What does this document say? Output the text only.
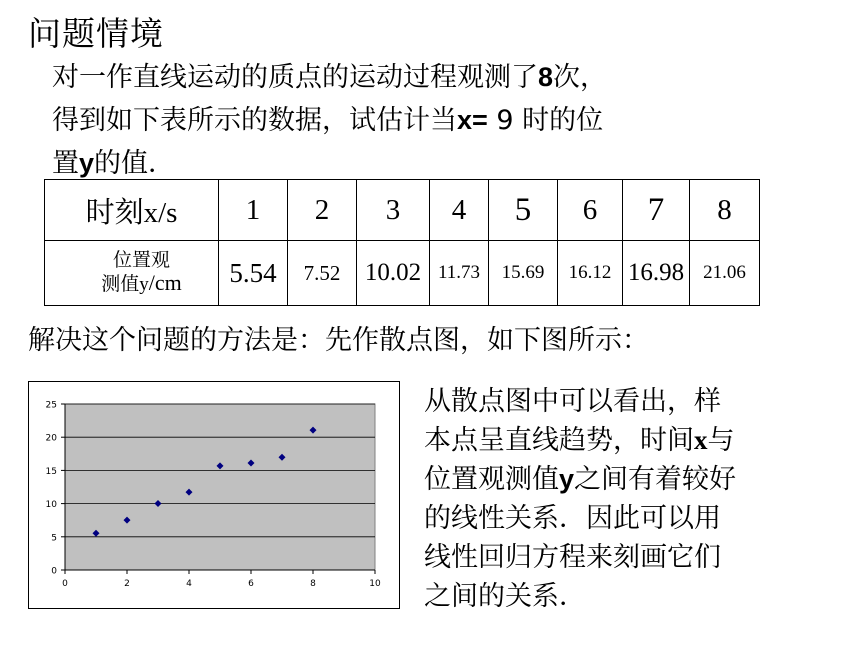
问题情境
对一作直线运动的质点的运动过程观测了8次，
得到如下表所示的数据，试估计当x= 9 时的位
置y的值．
时刻x/s	1	2	3	4	5	6	7	8

位置观
测值y/cm	5.54	7.52	10.02	11.73	15.69	16.12	16.98	21.06
解决这个问题的方法是：先作散点图，如下图所示：
0
5
10
15
20
25
0	2	4	6	8	10
从散点图中可以看出，样
本点呈直线趋势，时间x与
位置观测值y之间有着较好
的线性关系．因此可以用
线性回归方程来刻画它们
之间的关系．
